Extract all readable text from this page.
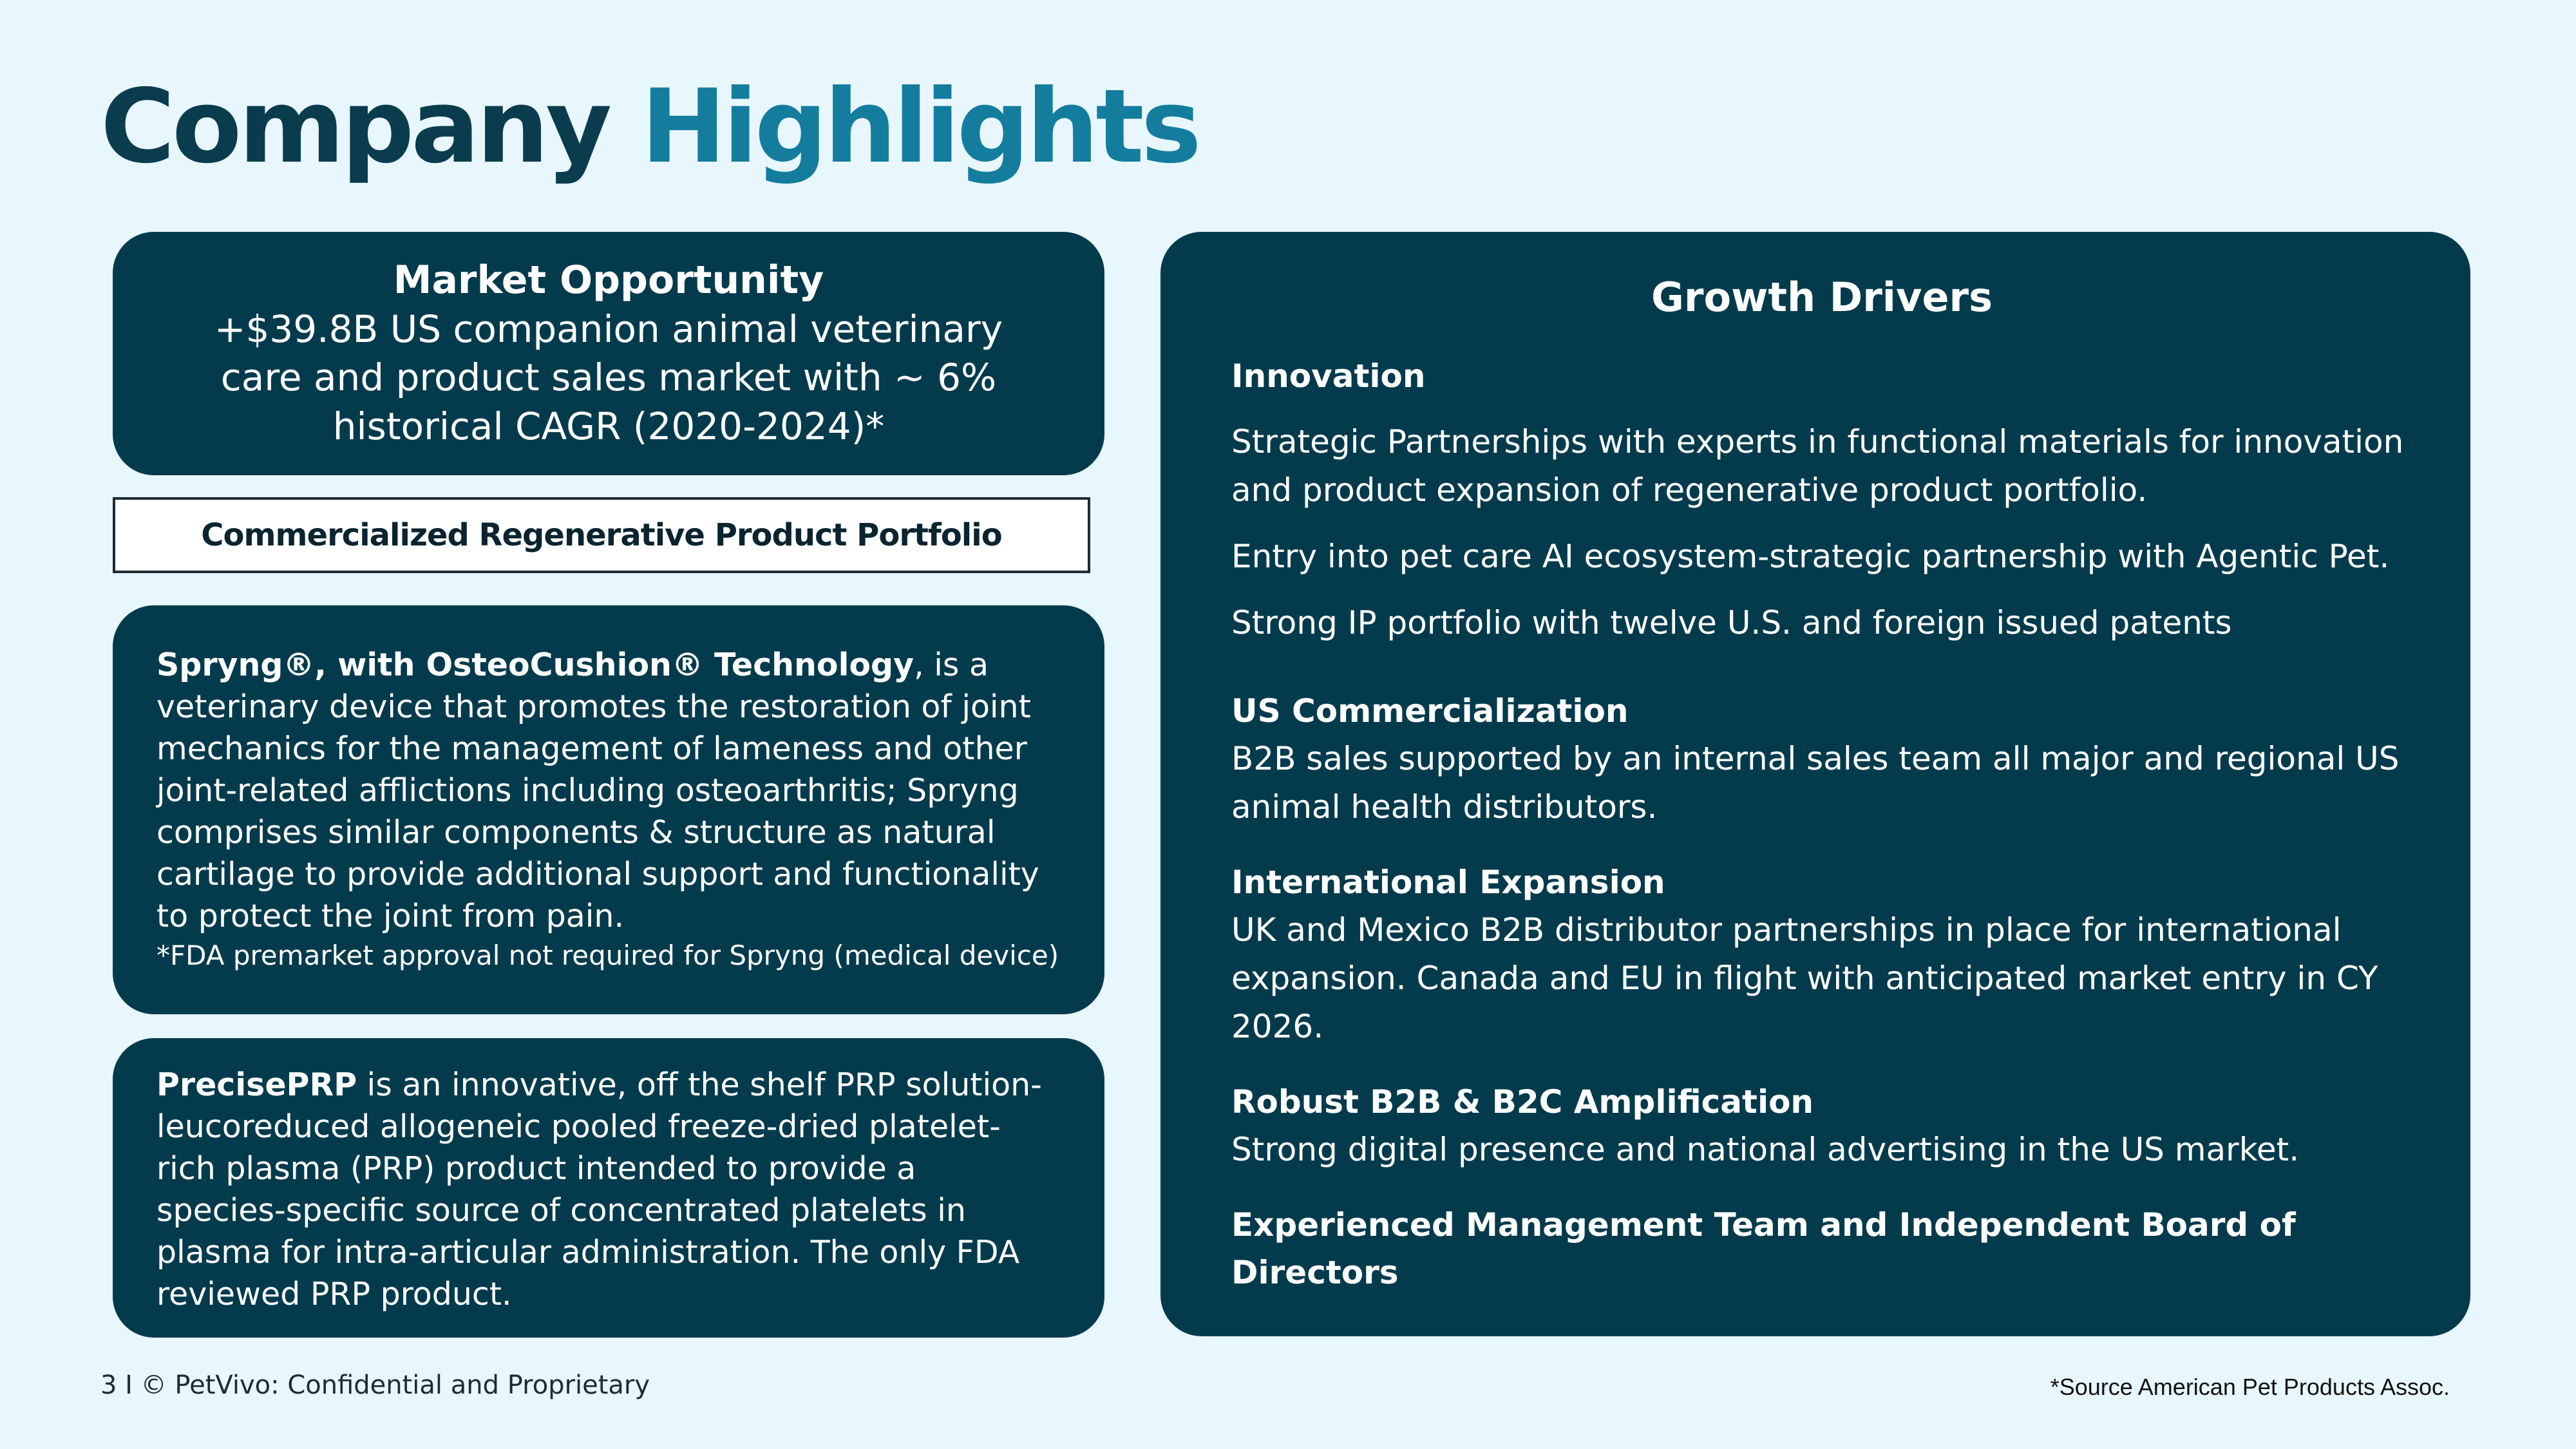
Company Highlights
Market Opportunity
+$39.8B US companion animal veterinary care and product sales market with ~ 6% historical CAGR (2020-2024)*
Commercialized Regenerative Product Portfolio
Spryng®, with OsteoCushion® Technology, is a veterinary device that promotes the restoration of joint mechanics for the management of lameness and other joint-related afflictions including osteoarthritis; Spryng comprises similar components & structure as natural cartilage to provide additional support and functionality to protect the joint from pain.
*FDA premarket approval not required for Spryng (medical device)
PrecisePRP is an innovative, off the shelf PRP solution- leucoreduced allogeneic pooled freeze-dried platelet-rich plasma (PRP) product intended to provide a species-specific source of concentrated platelets in plasma for intra-articular administration. The only FDA reviewed PRP product.
Growth Drivers
Innovation
Strategic Partnerships with experts in functional materials for innovation and product expansion of regenerative product portfolio.
Entry into pet care AI ecosystem-strategic partnership with Agentic Pet.
Strong IP portfolio with twelve U.S. and foreign issued patents
US Commercialization
B2B sales supported by an internal sales team all major and regional US animal health distributors.
International Expansion
UK and Mexico B2B distributor partnerships in place for international expansion. Canada and EU in flight with anticipated market entry in CY 2026.
Robust B2B & B2C Amplification
Strong digital presence and national advertising in the US market.
Experienced Management Team and Independent Board of Directors
3 I © PetVivo: Confidential and Proprietary	*Source American Pet Products Assoc.
